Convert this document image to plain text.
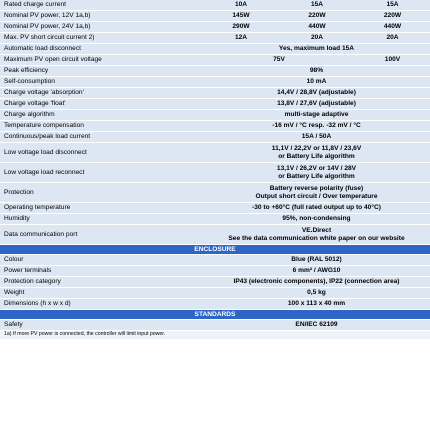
Rated charge current	10A	15A	15A
Nominal PV power, 12V 1a,b)	145W	220W	220W
Nominal PV power, 24V 1a,b)	290W	440W	440W
Max. PV short circuit current 2)	12A	20A	20A
Automatic load disconnect	Yes, maximum load 15A		
Maximum PV open circuit voltage	75V		100V
Peak efficiency	98%		
Self-consumption	10 mA		
Charge voltage 'absorption'	14,4V / 28,8V (adjustable)		
Charge voltage 'float'	13,8V / 27,6V (adjustable)		
Charge algorithm	multi-stage adaptive		
Temperature compensation	-16 mV / °C resp. -32 mV / °C		
Continuous/peak load current	15A / 50A		
Low voltage load disconnect	11,1V / 22,2V or 11,8V / 23,6V
or Battery Life algorithm		

Low voltage load reconnect	13,1V / 26,2V or 14V / 28V
or Battery Life algorithm		

Protection	Battery reverse polarity (fuse)
Output short circuit / Over temperature		

Operating temperature	-30 to +60°C (full rated output up to 40°C)		
Humidity	95%, non-condensing		
Data communication port	VE.Direct
See the data communication white paper on our website		

ENCLOSURE			
Colour	Blue (RAL 5012)		
Power terminals	6 mm² / AWG10		
Protection category	IP43 (electronic components), IP22 (connection area)		
Weight	0,5 kg		
Dimensions (h x w x d)	100 x 113 x 40 mm		
STANDARDS			
Safety	EN/IEC 62109		
1a) If more PV power is connected, the controller will limit input power.			
